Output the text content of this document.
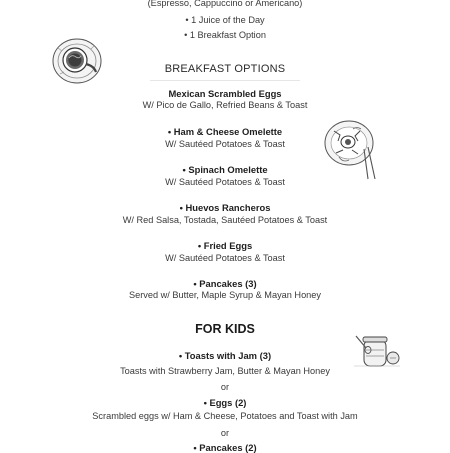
(Espresso, Cappuccino or Americano)
• 1 Juice of the Day
• 1 Breakfast Option
BREAKFAST OPTIONS
Mexican Scrambled Eggs
W/ Pico de Gallo, Refried Beans & Toast
• Ham & Cheese Omelette
W/ Sautéed Potatoes & Toast
• Spinach Omelette
W/ Sautéed Potatoes & Toast
• Huevos Rancheros
W/ Red Salsa, Tostada, Sautéed Potatoes & Toast
• Fried Eggs
W/ Sautéed Potatoes & Toast
• Pancakes (3)
Served w/ Butter, Maple Syrup & Mayan Honey
FOR KIDS
• Toasts with Jam (3)
Toasts with Strawberry Jam, Butter & Mayan Honey
or
• Eggs (2)
Scrambled eggs w/ Ham & Cheese, Potatoes and Toast with Jam
or
• Pancakes (2)
